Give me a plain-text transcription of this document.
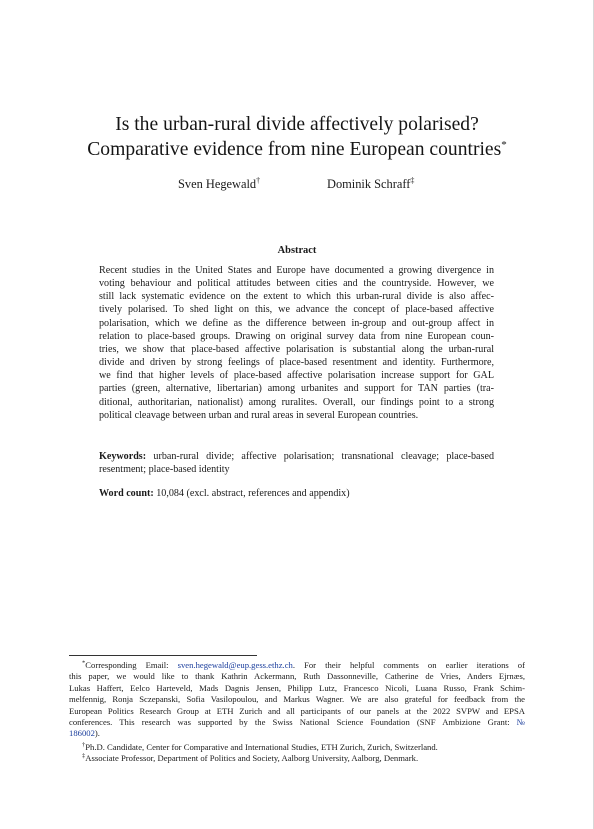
Is the urban-rural divide affectively polarised?
Comparative evidence from nine European countries*
Sven Hegewald†	Dominik Schraff‡
Abstract
Recent studies in the United States and Europe have documented a growing divergence in
voting behaviour and political attitudes between cities and the countryside. However, we
still lack systematic evidence on the extent to which this urban-rural divide is also affec-
tively polarised. To shed light on this, we advance the concept of place-based affective
polarisation, which we define as the difference between in-group and out-group affect in
relation to place-based groups. Drawing on original survey data from nine European coun-
tries, we show that place-based affective polarisation is substantial along the urban-rural
divide and driven by strong feelings of place-based resentment and identity. Furthermore,
we find that higher levels of place-based affective polarisation increase support for GAL
parties (green, alternative, libertarian) among urbanites and support for TAN parties (tra-
ditional, authoritarian, nationalist) among ruralites. Overall, our findings point to a strong
political cleavage between urban and rural areas in several European countries.
Keywords: urban-rural divide; affective polarisation; transnational cleavage; place-based
resentment; place-based identity
Word count: 10,084 (excl. abstract, references and appendix)
*Corresponding Email: sven.hegewald@eup.gess.ethz.ch. For their helpful comments on earlier iterations of
this paper, we would like to thank Kathrin Ackermann, Ruth Dassonneville, Catherine de Vries, Anders Ejrnæs,
Lukas Haffert, Eelco Harteveld, Mads Dagnis Jensen, Philipp Lutz, Francesco Nicoli, Luana Russo, Frank Schim-
melfennig, Ronja Sczepanski, Sofia Vasilopoulou, and Markus Wagner. We are also grateful for feedback from the
European Politics Research Group at ETH Zurich and all participants of our panels at the 2022 SVPW and EPSA
conferences. This research was supported by the Swiss National Science Foundation (SNF Ambizione Grant: №
186002).
†Ph.D. Candidate, Center for Comparative and International Studies, ETH Zurich, Zurich, Switzerland.
‡Associate Professor, Department of Politics and Society, Aalborg University, Aalborg, Denmark.
